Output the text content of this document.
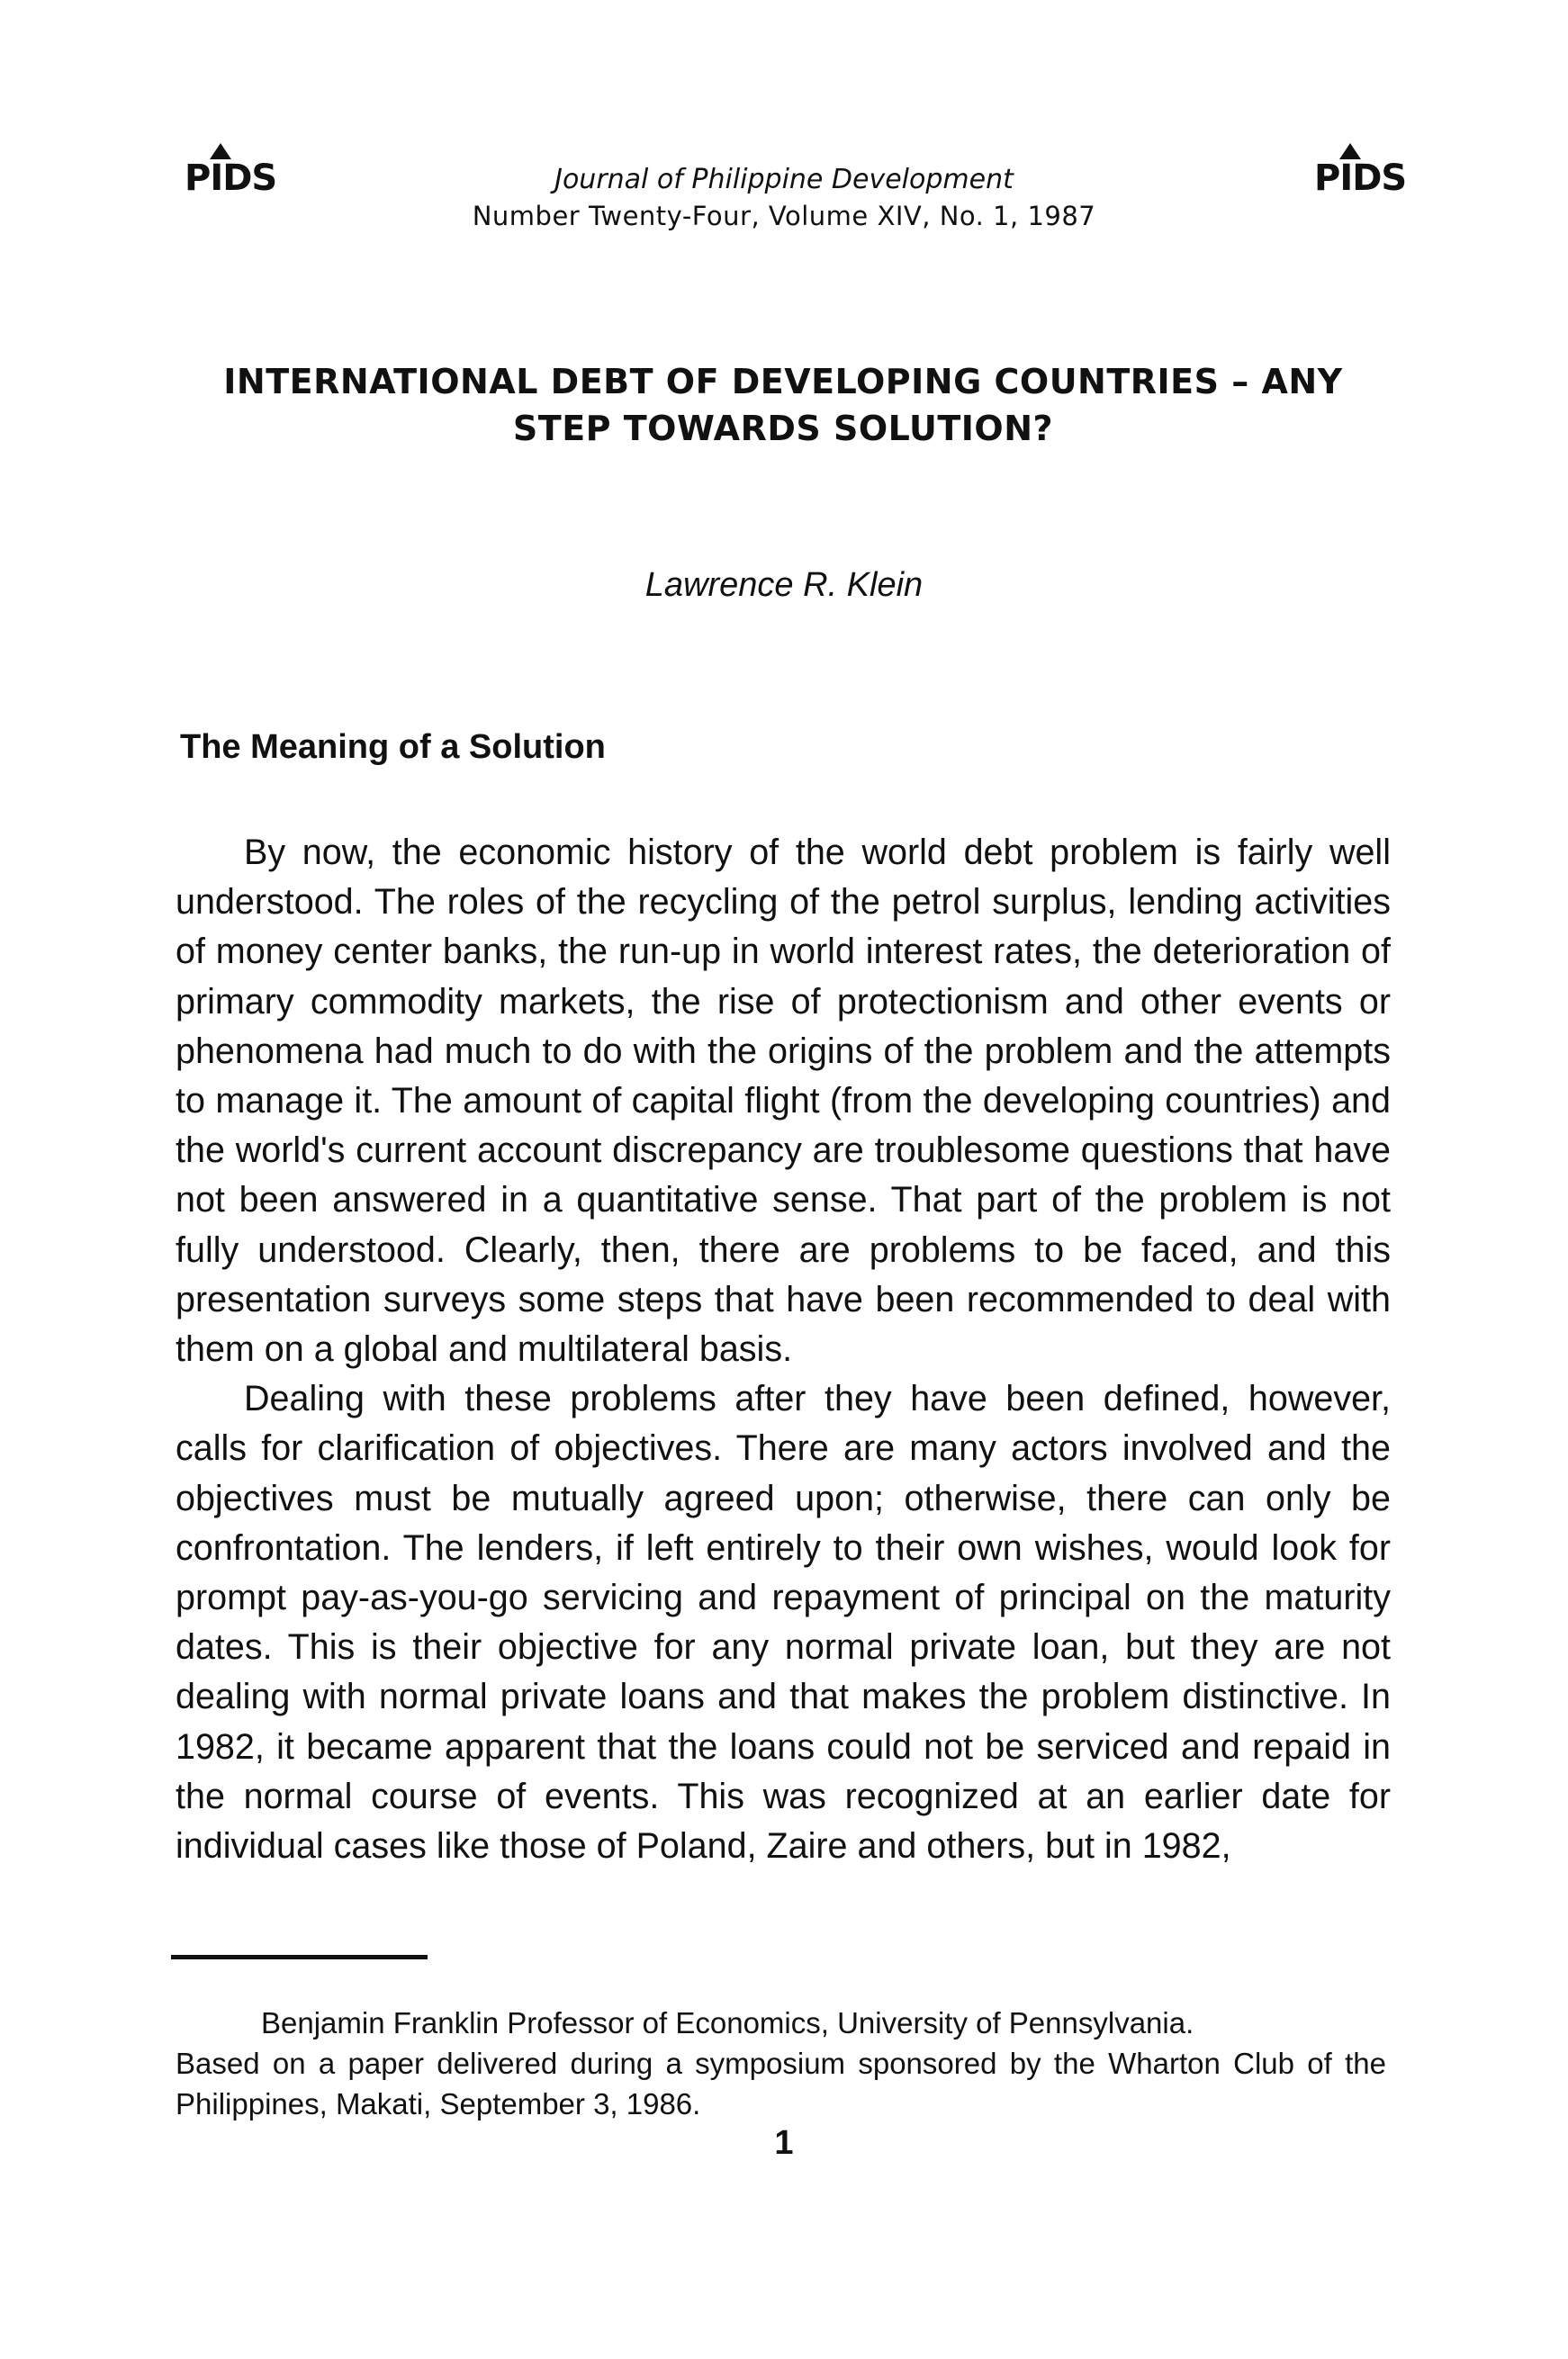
PIDS	PIDS
Journal of Philippine Development
Number Twenty-Four, Volume XIV, No. 1, 1987
INTERNATIONAL DEBT OF DEVELOPING COUNTRIES – ANY
STEP TOWARDS SOLUTION?
Lawrence R. Klein
The Meaning of a Solution

By now, the economic history of the world debt problem is fairly well understood. The roles of the recycling of the petrol surplus, lending activities of money center banks, the run-up in world interest rates, the deterioration of primary commodity markets, the rise of protectionism and other events or phenomena had much to do with the origins of the problem and the attempts to manage it. The amount of capital flight (from the developing countries) and the world's current account discrepancy are troublesome questions that have not been answered in a quantitative sense. That part of the problem is not fully understood. Clearly, then, there are problems to be faced, and this presentation surveys some steps that have been recommended to deal with them on a global and multilateral basis.

Dealing with these problems after they have been defined, however, calls for clarification of objectives. There are many actors involved and the objectives must be mutually agreed upon; otherwise, there can only be confrontation. The lenders, if left entirely to their own wishes, would look for prompt pay-as-you-go servicing and repayment of principal on the maturity dates. This is their objective for any normal private loan, but they are not dealing with normal private loans and that makes the problem distinctive. In 1982, it became apparent that the loans could not be serviced and repaid in the normal course of events. This was recognized at an earlier date for individual cases like those of Poland, Zaire and others, but in 1982,

Benjamin Franklin Professor of Economics, University of Pennsylvania.

Based on a paper delivered during a symposium sponsored by the Wharton Club of the Philippines, Makati, September 3, 1986.

1
